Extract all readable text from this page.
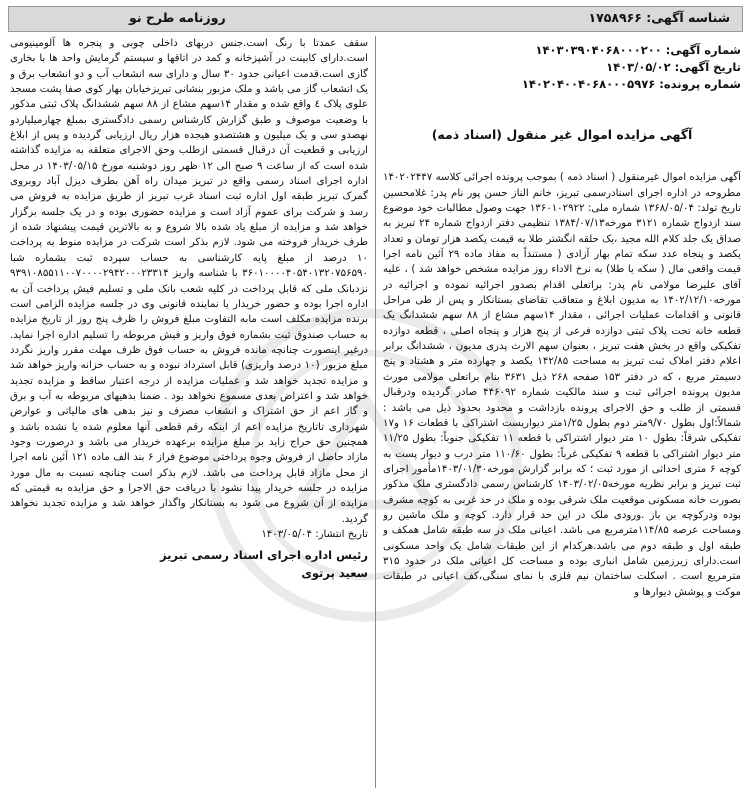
شناسه آگهی: ۱۷۵۸۹۶۶
روزنامه طرح نو
شماره آگهی: ۱۴۰۳۰۳۹۰۴۰۶۸۰۰۰۲۰۰
تاریخ آگهی: ۱۴۰۳/۰۵/۰۲
شماره پرونده: ۱۴۰۲۰۴۰۰۴۰۶۸۰۰۰۵۹۷۶
آگهی مزایده اموال غیر منقول (اسناد ذمه)

آگهی مزایده اموال غیرمنقول ( اسناد ذمه ) بموجب پرونده اجرائی کلاسه ۱۴۰۲۰۲۴۴۷ مطروحه در اداره اجرای اسنادرسمی تبریز، خانم الناز حسن پور نام پدر: غلامحسین تاریخ تولد: ۱۳۶۸/۰۵/۰۴ شماره ملی: ۱۳۶۰۱۰۲۹۲۲ جهت وصول مطالبات خود موضوع سند ازدواج شماره ۳۱۲۱ مورخه۱۳۸۴/۰۷/۱۳ تنظیمی دفتر ازدواج شماره ۲۴ تبریز به صداق یک جلد کلام الله مجید ،یک حلقه انگشتر طلا به قیمت یکصد هزار تومان و تعداد یکصد و پنجاه عدد سکه تمام بهار آزادی ( مستنداً به مفاد ماده ۲۹ آئین نامه اجرا قیمت واقعی مال ( سکه یا طلا) به نرخ الاداء روز مزایده مشخص خواهد شد ) ، علیه آقای علیرضا مولامی نام پدر: براتعلی اقدام بصدور اجرائیه نموده و اجرائیه در مورخه۱۴۰۲/۱۲/۱۰ به مدیون ابلاغ و متعاقب تقاضای بستانکار و پس از طی مراحل قانونی و اقدامات عملیات اجرائی ، مقدار ۱۴سهم مشاع از ۸۸ سهم ششدانگ یک قطعه خانه تحت پلاک ثبتی دوازده فرعی از پنج هزار و پنجاه اصلی ، قطعه دوازده تفکیکی واقع در بخش هفت تبریز ، بعنوان سهم الارث پدری مدیون ، ششدانگ برابر اعلام دفتر املاک ثبت تبریز به مساحت ۱۴۲/۸۵ یکصد و چهارده متر و هشتاد و پنج دسیمتر مربع ، که در دفتر ۱۵۳ صفحه ۲۶۸ ذیل ۳۶۳۱ بنام براتعلی مولامی مورث مدیون پرونده اجرائی ثبت و سند مالکیت شماره ۴۴۶۰۹۲ صادر گردیده ودرقبال قسمتی از طلب و حق الاجرای پرونده بازداشت و محدود بحدود ذیل می باشد : شمالاً:اول بطول ۹/۷۰متر دوم بطول ۱/۲۵متر دیواریست اشتراکی با قطعات ۱۶ و۱۷ تفکیکی شرقاً: بطول ۱۰ متر دیوار اشتراکی با قطعه ۱۱ تفکیکی جنوباً: بطول ۱۱/۲۵ متر دیوار اشتراکی با قطعه ۹ تفکیکی غرباً: بطول ۱۱۰/۶۰ متر درب و دیوار پست به کوچه ۶ متری احداثی از مورد ثبت ؛ که برابر گزارش مورخه۱۴۰۳/۰۱/۳۰مأمور اجرای ثبت تبریز و برابر نظریه مورخه۱۴۰۳/۰۲/۰۵ کارشناس رسمی دادگستری ملک مذکور بصورت خانه مسکونی موقعیت ملک شرقی بوده و ملک در حد غربی به کوچه مشرف بوده ودرکوچه بن باز .ورودی ملک در این حد قرار دارد. کوچه و ملک ماشین رو ومساحت عرصه ۱۱۴/۸۵مترمربع می باشد. اعیانی ملک در سه طبقه شامل همکف و طبقه اول و طبقه دوم می باشد.هرکدام از این طبقات شامل یک واحد مسکونی است.دارای زیرزمین شامل انباری بوده و مساحت کل اعیانی ملک در حدود ۳۱۵ مترمربع است . اسکلت ساختمان نیم فلزی با نمای سنگی،کف اعیانی در طبقات موکت و پوشش دیوارها و

سقف عمدتا با رنگ است.جنس دربهای داخلی چوبی و پنجره ها آلومینیومی است.دارای کابینت در آشپزخانه و کمد در اتاقها و سیستم گرمایش واحد ها با بخاری گازی است.قدمت اعیانی حدود ۳۰ سال و دارای سه انشعاب آب و دو انشعاب برق و یک انشعاب گاز می باشد و ملک مزبور بنشانی تبریزخیابان بهار کوی صفا پشت مسجد علوی پلاک ٤ واقع شده و مقدار ۱۴سهم مشاع از ۸۸ سهم ششدانگ پلاک ثبتی مذکور با وضعیت موصوف و طبق گزارش کارشناس رسمی دادگستری بمبلغ چهارمیلیاردو نهصدو سی و یک میلیون و هشتصدو هیجده هزار ریال ارزیابی گردیده و پس از ابلاغ ارزیابی و قطعیت آن درقبال قسمتی ازطلب وحق الاجرای متعلقه به مزایده گذاشته شده است که از ساعت ۹ صبح الی ۱۲ ظهر روز دوشنبه مورخ ۱۴۰۳/۰۵/۱۵ در محل اداره اجرای اسناد رسمی واقع در تبریز میدان راه آهن بطرف دیزل آباد روبروی گمرک تبریز طبقه اول اداره ثبت اسناد غرب تبریز از طریق مزایده به فروش می رسد و شرکت برای عموم آزاد است و مزایده حضوری بوده و در یک جلسه برگزار خواهد شد و مزایده از مبلغ یاد شده بالا شروع و به بالاترین قیمت پیشنهاد شده از طرف خریدار فروخته می شود. لازم بذکر است شرکت در مزایده منوط به پرداخت ۱۰ درصد از مبلغ پایه کارشناسی به حساب سپرده ثبت بشماره شبا ۳۶۰۱۰۰۰۰۴۰۵۴۰۱۳۲۰۷۵۶۵۹۰ با شناسه واریز ۹۳۹۱۰۸۵۵۱۱۰۰۷۰۰۰۰۲۹۴۲۰۰۰۲۳۳۱۴ نزدبانک ملی که قابل پرداخت در کلیه شعب بانک ملی و تسلیم فیش پرداخت آن به اداره اجرا بوده و حضور خریدار یا نماینده قانونی وی در جلسه مزایده الزامی است برنده مزایده مکلف است مابه التفاوت مبلغ فروش را ظرف پنج روز از تاریخ مزایده به حساب صندوق ثبت بشماره فوق واریز و فیش مربوطه را تسلیم اداره اجرا نماید. درغیر اینصورت چنانچه مانده فروش به حساب فوق ظرف مهلت مقرر واریز نگردد مبلغ مزبور (۱۰ درصد واریزی) قابل استرداد نبوده و به حساب خزانه واریز خواهد شد و مزایده تجدید خواهد شد و عملیات مزایده از درجه اعتبار ساقط و مزایده تجدید خواهد شد و اعتراض بعدی مسموع نخواهد بود . ضمنا بدهیهای مربوطه به آب و برق و گاز اعم از حق اشتراک و انشعاب مصرف و نیز بدهی های مالیاتی و عوارض شهرداری تاتاریخ مزایده اعم از اینکه رقم قطعی آنها معلوم شده یا نشده باشد و همچنین حق حراج زاید بر مبلغ مزایده برعهده خریدار می باشد و درصورت وجود مازاد حاصل از فروش وجوه پرداختی موضوع فراز ۶ بند الف ماده ۱۲۱ آئین نامه اجرا از محل مازاد قابل پرداخت می باشد. لازم بذکر است چنانچه نسبت به مال مورد مزایده در جلسه خریدار پیدا نشود با دریافت حق الاجرا و حق مزایده به قیمتی که مزایده از آن شروع می شود به بستانکار واگذار خواهد شد و مزایده تجدید نخواهد گردید.

تاریخ انتشار: ۱۴۰۳/۰۵/۰۴
رئیس اداره اجرای اسناد رسمی تبریز
سعید پرتوی
